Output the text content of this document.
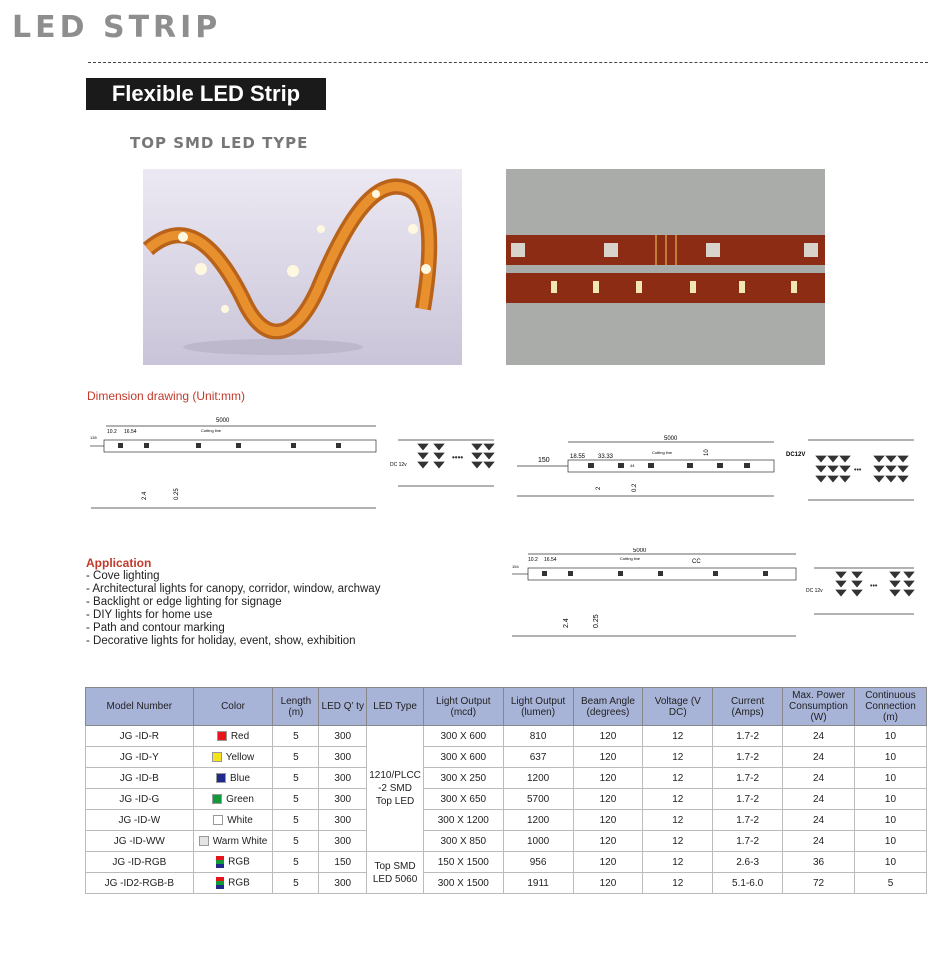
LED STRIP
Flexible LED Strip
TOP SMD LED TYPE
Dimension drawing (Unit:mm)
5000
Cutting line
10.2 16.54
135
2.4	0.25
••••
DC 12v
5000
Cutting line
150	18.55 33.33
44
10
2	0.2
•••
DC12V
5000
Cutting line
10.2 16.54
154
CC
2.4	0.25
•••
DC 12v
Application
- Cove lighting
- Architectural lights for canopy, corridor, window, archway
- Backlight or edge lighting for signage
- DIY lights for home use
- Path and contour marking
- Decorative lights for holiday, event, show, exhibition
Model Number	Color	Length (m)	LED Q’ ty	LED Type	Light Output (mcd)	Light Output (lumen)	Beam Angle (degrees)	Voltage (V DC)	Current (Amps)	Max. Power Consumption (W)	Continuous Connection (m)
JG -ID-R	Red	5	300	1210/PLCC -2 SMD Top LED	300 X 600	810	120	12	1.7-2	24	10
JG -ID-Y	Yellow	5	300		300 X 600	637	120	12	1.7-2	24	10
JG -ID-B	Blue	5	300		300 X 250	1200	120	12	1.7-2	24	10
JG -ID-G	Green	5	300		300 X 650	5700	120	12	1.7-2	24	10
JG -ID-W	White	5	300		300 X 1200	1200	120	12	1.7-2	24	10
JG -ID-WW	Warm White	5	300		300 X 850	1000	120	12	1.7-2	24	10
JG -ID-RGB	RGB	5	150	Top SMD LED 5060	150 X 1500	956	120	12	2.6-3	36	10
JG -ID2-RGB-B	RGB	5	300		300 X 1500	1911	120	12	5.1-6.0	72	5
